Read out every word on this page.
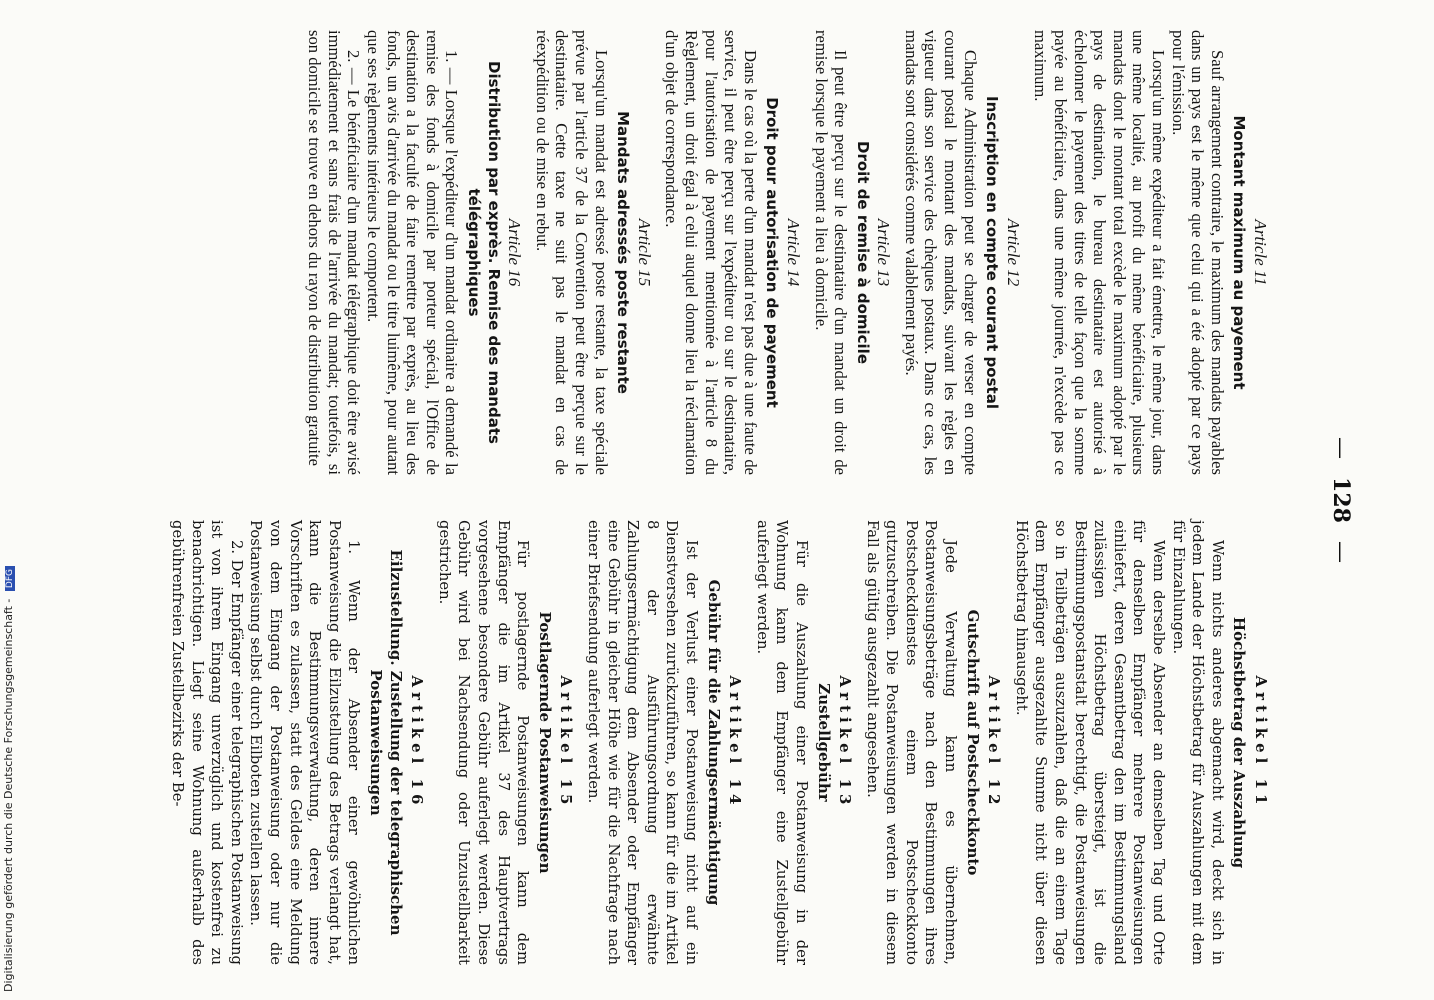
—128—
Article 11
Montant maximum au payement

Sauf arrangement contraire, le maximum des mandats payables dans un pays est le même que celui qui a été adopté par ce pays pour l'émission.

Lorsqu'un même expéditeur a fait émettre, le même jour, dans une même localité, au profit du même bénéficiaire, plusieurs mandats dont le montant total excède le maximum adopté par le pays de destination, le bureau destinataire est autorisé à échelonner le payement des titres de telle façon que la somme payée au bénéficiaire, dans une même journée, n'excède pas ce maximum.

Article 12
Inscription en compte courant postal

Chaque Administration peut se charger de verser en compte courant postal le montant des mandats, suivant les règles en vigueur dans son service des chèques postaux. Dans ce cas, les mandats sont considérés comme valablement payés.

Article 13
Droit de remise à domicile

Il peut être perçu sur le destinataire d'un mandat un droit de remise lorsque le payement a lieu à domicile.

Article 14
Droit pour autorisation de payement

Dans le cas où la perte d'un mandat n'est pas due à une faute de service, il peut être perçu sur l'expéditeur ou sur le destinataire, pour l'autorisation de payement mentionnée à l'article 8 du Règlement, un droit égal à celui auquel donne lieu la réclamation d'un objet de correspondance.

Article 15
Mandats adressés poste restante

Lorsqu'un mandat est adressé poste restante, la taxe spéciale prévue par l'article 37 de la Convention peut être perçue sur le destinataire. Cette taxe ne suit pas le mandat en cas de réexpédition ou de mise en rebut.

Article 16
Distribution par exprès. Remise des mandats télégraphiques

1. — Lorsque l'expéditeur d'un mandat ordinaire a demandé la remise des fonds à domicile par porteur spécial, l'Office de destination a la faculté de faire remettre par exprès, au lieu des fonds, un avis d'arrivée du mandat ou le titre luimême, pour autant que ses règlements intérieurs le comportent.

2. — Le bénéficiaire d'un mandat télégraphique doit être avisé immédiatement et sans frais de l'arrivée du mandat; toutefois, si son domicile se trouve en dehors du rayon de distribution gratuite

Artikel 11
Höchstbetrag der Auszahlung

Wenn nichts anderes abgemacht wird, deckt sich in jedem Lande der Höchstbetrag für Auszahlungen mit dem für Einzahlungen.

Wenn derselbe Absender an demselben Tag und Orte für denselben Empfänger mehrere Postanweisungen einliefert, deren Gesamtbetrag den im Bestimmungsland zulässigen Höchstbetrag übersteigt, ist die Bestimmungspostanstalt berechtigt, die Postanweisungen so in Teilbeträgen auszuzahlen, daß die an einem Tage dem Empfänger ausgezahlte Summe nicht über diesen Höchstbetrag hinausgeht.

Artikel 12
Gutschrift auf Postscheckkonto

Jede Verwaltung kann es übernehmen, Postanweisungsbeträge nach den Bestimmungen ihres Postscheckdienstes einem Postscheckkonto gutzuschreiben. Die Postanweisungen werden in diesem Fall als gültig ausgezahlt angesehen.

Artikel 13
Zustellgebühr

Für die Auszahlung einer Postanweisung in der Wohnung kann dem Empfänger eine Zustellgebühr auferlegt werden.

Artikel 14
Gebühr für die Zahlungsermächtigung

Ist der Verlust einer Postanweisung nicht auf ein Dienstversehen zurückzuführen, so kann für die im Artikel 8 der Ausführungsordnung erwähnte Zahlungsermächtigung dem Absender oder Empfänger eine Gebühr in gleicher Höhe wie für die Nachfrage nach einer Briefsendung auferlegt werden.

Artikel 15
Postlagernde Postanweisungen

Für postlagernde Postanweisungen kann dem Empfänger die im Artikel 37 des Hauptvertrags vorgesehene besondere Gebühr auferlegt werden. Diese Gebühr wird bei Nachsendung oder Unzustellbarkeit gestrichen.

Artikel 16
Eilzustellung. Zustellung der telegraphischen Postanweisungen

1. Wenn der Absender einer gewöhnlichen Postanweisung die Eilzustellung des Betrags verlangt hat, kann die Bestimmungsverwaltung, deren innere Vorschriften es zulassen, statt des Geldes eine Meldung von dem Eingang der Postanweisung oder nur die Postanweisung selbst durch Eilboten zustellen lassen.

2. Der Empfänger einer telegraphischen Postanweisung ist von ihrem Eingang unverzüglich und kostenfrei zu benachrichtigen. Liegt seine Wohnung außerhalb des gebührenfreien Zustellbezirks der Be-

Digitalisierung gefördert durch die Deutsche Forschungsgemeinschaft - DFG
